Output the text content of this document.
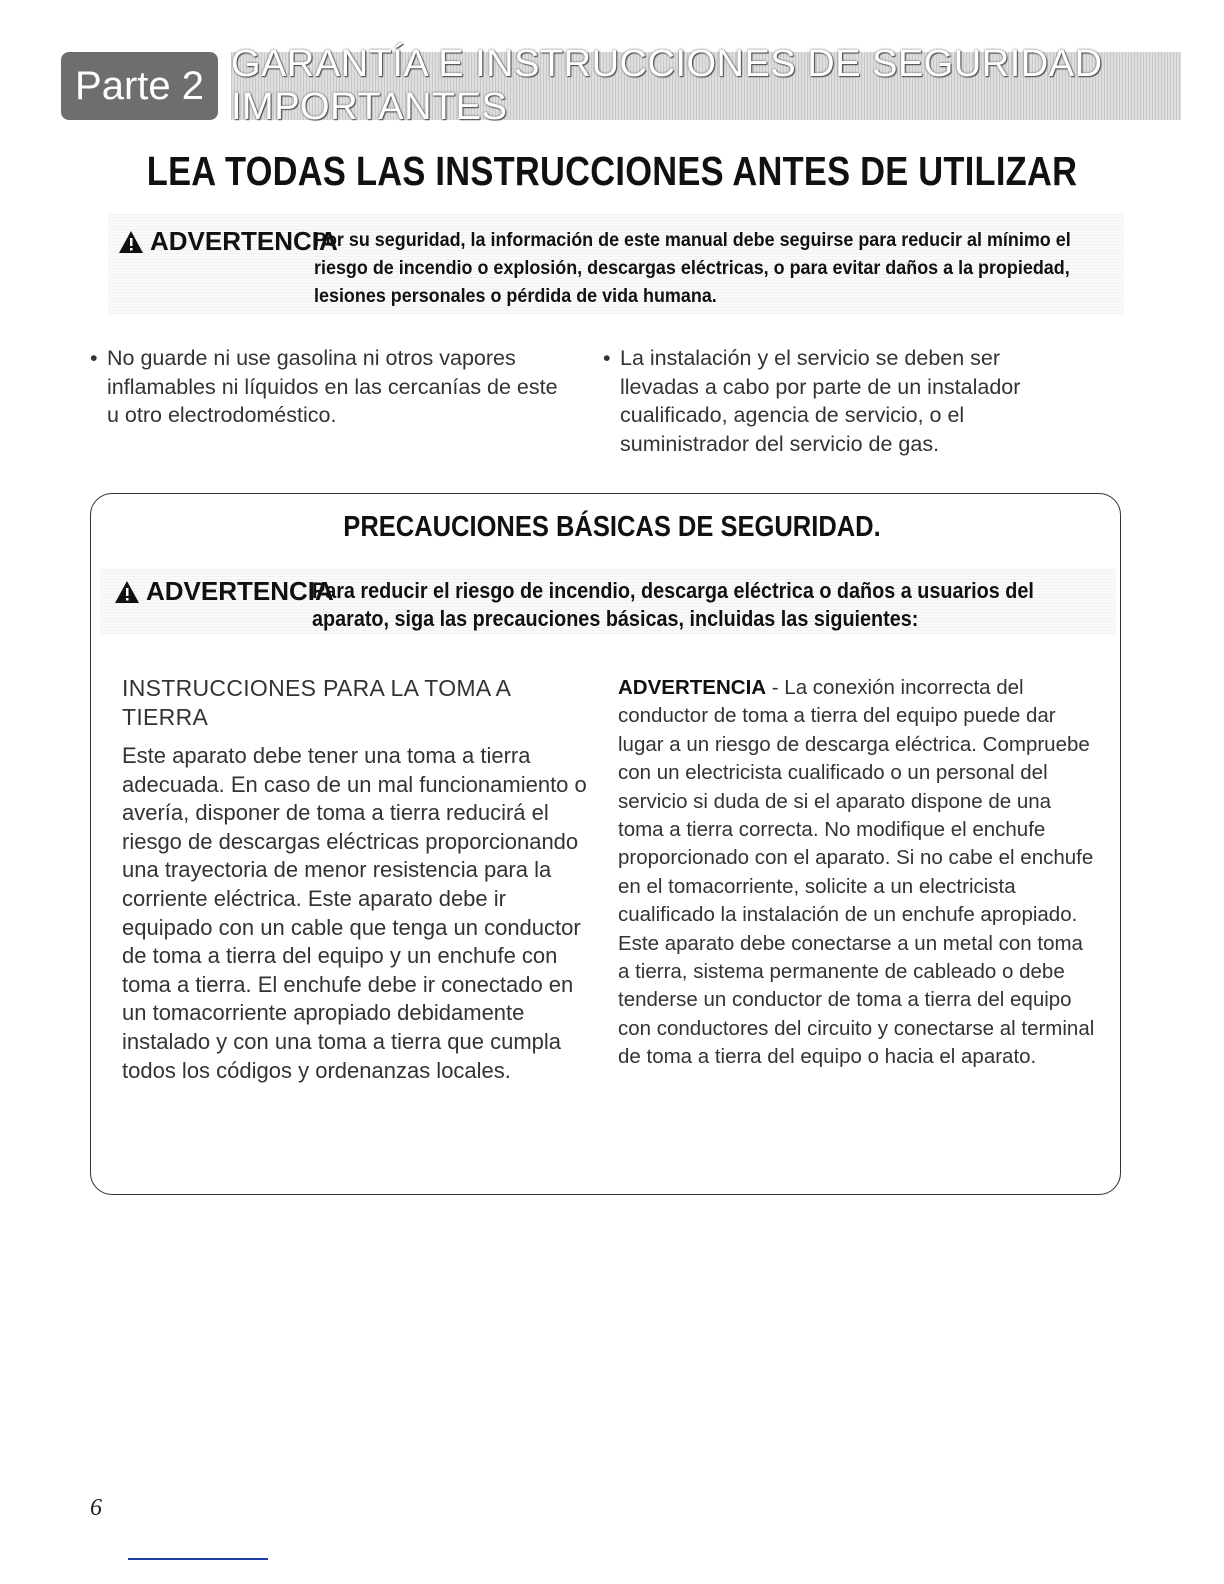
Parte 2 GARANTÍA E INSTRUCCIONES DE SEGURIDAD IMPORTANTES
LEA TODAS LAS INSTRUCCIONES ANTES DE UTILIZAR
ADVERTENCIA
Por su seguridad, la información de este manual debe seguirse para reducir al mínimo el riesgo de incendio o explosión, descargas eléctricas, o para evitar daños a la propiedad, lesiones personales o pérdida de vida humana.
• No guarde ni use gasolina ni otros vapores inflamables ni líquidos en las cercanías de este u otro electrodoméstico.
• La instalación y el servicio se deben ser llevadas a cabo por parte de un instalador cualificado, agencia de servicio, o el suministrador del servicio de gas.
PRECAUCIONES BÁSICAS DE SEGURIDAD.
ADVERTENCIA
Para reducir el riesgo de incendio, descarga eléctrica o daños a usuarios del aparato, siga las precauciones básicas, incluidas las siguientes:
INSTRUCCIONES PARA LA TOMA A TIERRA
Este aparato debe tener una toma a tierra adecuada. En caso de un mal funcionamiento o avería, disponer de toma a tierra reducirá el riesgo de descargas eléctricas proporcionando una trayectoria de menor resistencia para la corriente eléctrica. Este aparato debe ir equipado con un cable que tenga un conductor de toma a tierra del equipo y un enchufe con toma a tierra. El enchufe debe ir conectado en un tomacorriente apropiado debidamente instalado y con una toma a tierra que cumpla todos los códigos y ordenanzas locales.
ADVERTENCIA - La conexión incorrecta del conductor de toma a tierra del equipo puede dar lugar a un riesgo de descarga eléctrica. Compruebe con un electricista cualificado o un personal del servicio si duda de si el aparato dispone de una toma a tierra correcta. No modifique el enchufe proporcionado con el aparato. Si no cabe el enchufe en el tomacorriente, solicite a un electricista cualificado la instalación de un enchufe apropiado. Este aparato debe conectarse a un metal con toma a tierra, sistema permanente de cableado o debe tenderse un conductor de toma a tierra del equipo con conductores del circuito y conectarse al terminal de toma a tierra del equipo o hacia el aparato.
6
